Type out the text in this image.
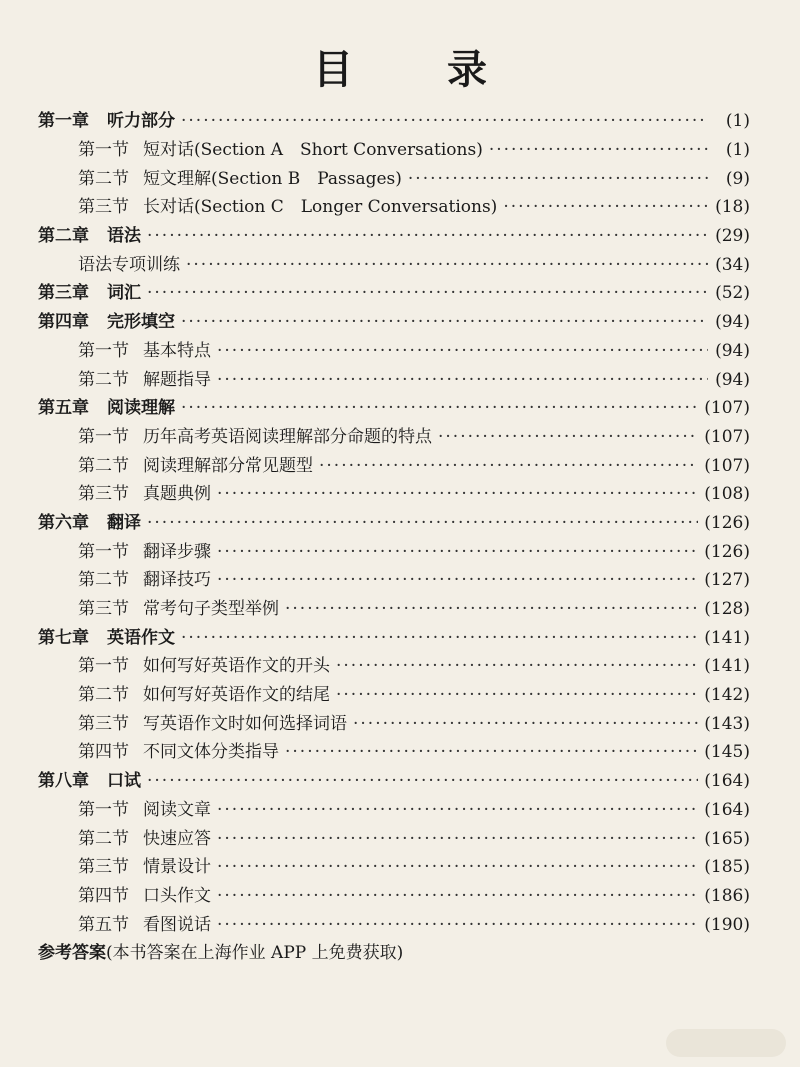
目 录
第一章 听力部分 ·····	(1)
第一节 短对话(Section A　Short Conversations) ·····	(1)
第二节 短文理解(Section B　Passages) ·····	(9)
第三节 长对话(Section C　Longer Conversations) ·····	(18)
第二章 语法 ·····	(29)
语法专项训练 ·····	(34)
第三章 词汇 ·····	(52)
第四章 完形填空 ·····	(94)
第一节 基本特点 ·····	(94)
第二节 解题指导 ·····	(94)
第五章 阅读理解 ·····	(107)
第一节 历年高考英语阅读理解部分命题的特点 ·····	(107)
第二节 阅读理解部分常见题型 ·····	(107)
第三节 真题典例 ·····	(108)
第六章 翻译 ·····	(126)
第一节 翻译步骤 ·····	(126)
第二节 翻译技巧 ·····	(127)
第三节 常考句子类型举例 ·····	(128)
第七章 英语作文 ·····	(141)
第一节 如何写好英语作文的开头 ·····	(141)
第二节 如何写好英语作文的结尾 ·····	(142)
第三节 写英语作文时如何选择词语 ·····	(143)
第四节 不同文体分类指导 ·····	(145)
第八章 口试 ·····	(164)
第一节 阅读文章 ·····	(164)
第二节 快速应答 ·····	(165)
第三节 情景设计 ·····	(185)
第四节 口头作文 ·····	(186)
第五节 看图说话 ·····	(190)
参考答案 (本书答案在上海作业 APP 上免费获取)
